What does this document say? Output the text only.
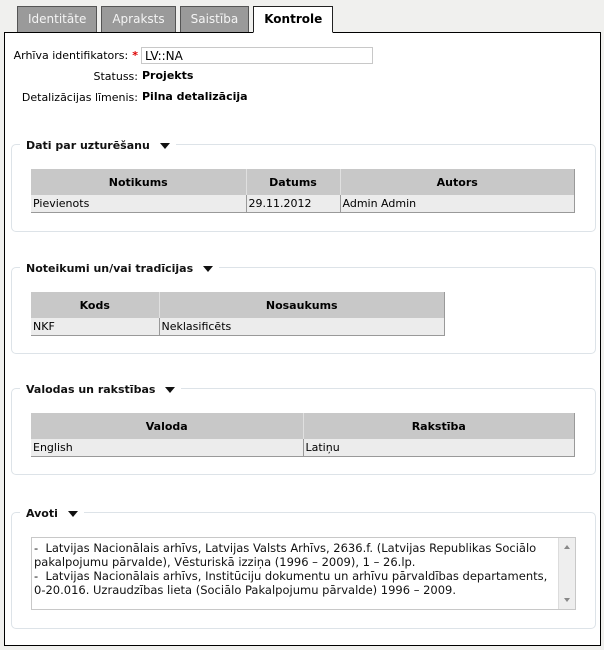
Identitāte	Apraksts	Saistība	Kontrole
Arhīva identifikators: *
LV::NA
Statuss: Projekts
Detalizācijas līmenis: Pilna detalizācija
Dati par uzturēšanu
Notikums	Datums	Autors
Pievienots	29.11.2012	Admin Admin
Noteikumi un/vai tradīcijas
Kods	Nosaukums
NKF	Neklasificēts
Valodas un rakstības
Valoda	Rakstība
English	Latiņu
Avoti
-  Latvijas Nacionālais arhīvs, Latvijas Valsts Arhīvs, 2636.f. (Latvijas Republikas Sociālo pakalpojumu pārvalde), Vēsturiskā izziņa (1996 – 2009), 1 – 26.lp.
-  Latvijas Nacionālais arhīvs, Institūciju dokumentu un arhīvu pārvaldības departaments, 0-20.016. Uzraudzības lieta (Sociālo Pakalpojumu pārvalde) 1996 – 2009.
